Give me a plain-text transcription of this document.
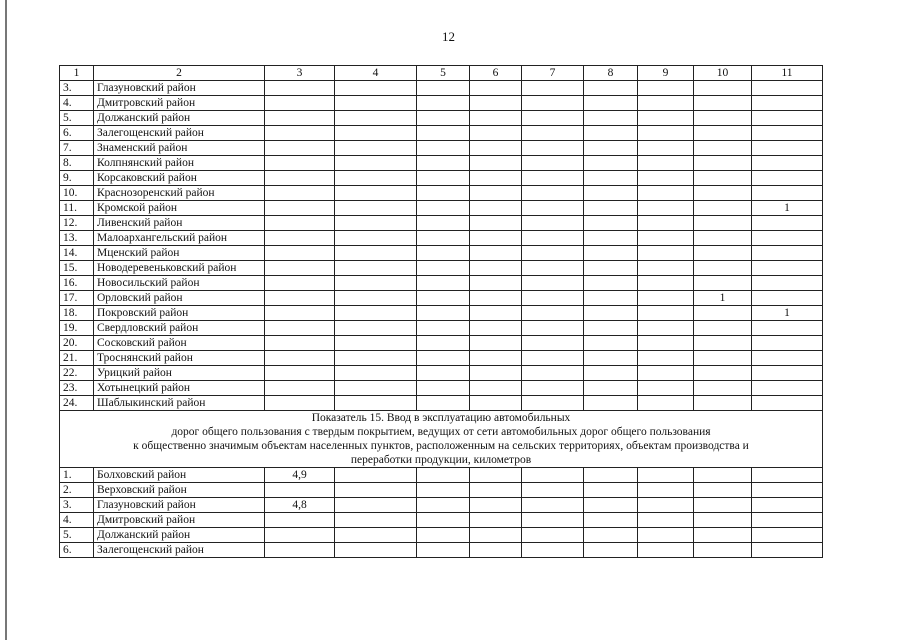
12
1	2	3	4	5	6	7	8	9	10	11
3.	Глазуновский район									
4.	Дмитровский район									
5.	Должанский район									
6.	Залегощенский район									
7.	Знаменский район									
8.	Колпнянский район									
9.	Корсаковский район									
10.	Краснозоренский район									
11.	Кромской район									1
12.	Ливенский район									
13.	Малоархангельский район									
14.	Мценский район									
15.	Новодеревеньковский район									
16.	Новосильский район									
17.	Орловский район								1	
18.	Покровский район									1
19.	Свердловский район									
20.	Сосковский район									
21.	Троснянский район									
22.	Урицкий район									
23.	Хотынецкий район									
24.	Шаблыкинский район									

Показатель 15. Ввод в эксплуатацию автомобильных
дорог общего пользования с твердым покрытием, ведущих от сети автомобильных дорог общего пользования
к общественно значимым объектам населенных пунктов, расположенным на сельских территориях, объектам производства и
переработки продукции, километров										

1.	Болховский район	4,9								
2.	Верховский район									
3.	Глазуновский район	4,8								
4.	Дмитровский район									
5.	Должанский район									
6.	Залегощенский район									
